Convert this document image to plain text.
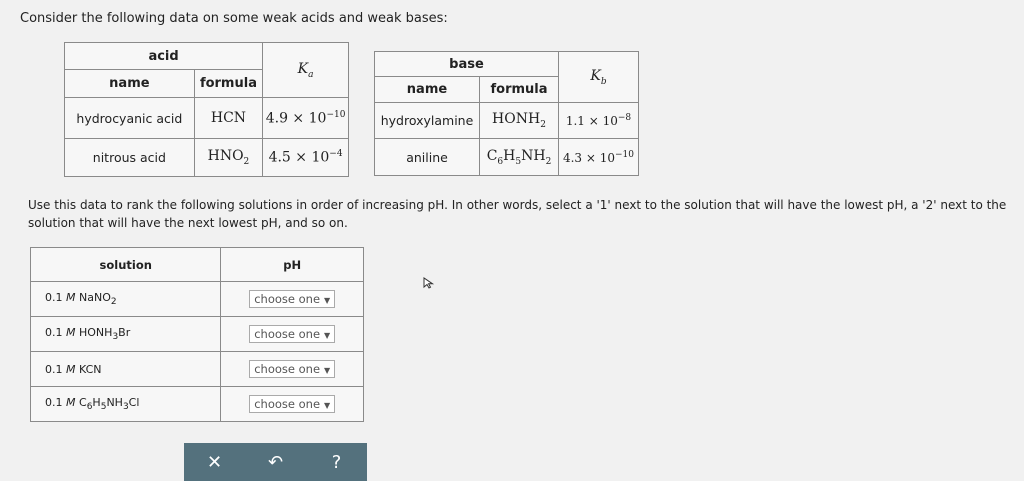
Consider the following data on some weak acids and weak bases:
acid		$K_a$
name	formula	
hydrocyanic acid	HCN	$4.9 \times 10^{-10}$
nitrous acid	$HNO_2$	$4.5 \times 10^{-4}$
base		$K_b$
name	formula	
hydroxylamine	$HONH_2$	$1.1 \times 10^{-8}$
aniline	$C_6H_5NH_2$	$4.3 \times 10^{-10}$
Use this data to rank the following solutions in order of increasing pH. In other words, select a '1' next to the solution that will have the lowest pH, a '2' next to the solution that will have the next lowest pH, and so on.
solution	pH
0.1 M NaNO$_2$	choose one ▼
0.1 M $HONH_3Br$	choose one ▼
0.1 M KCN	choose one ▼
0.1 M $C_6H_5NH_3Cl$	choose one ▼
✕	↶	?
